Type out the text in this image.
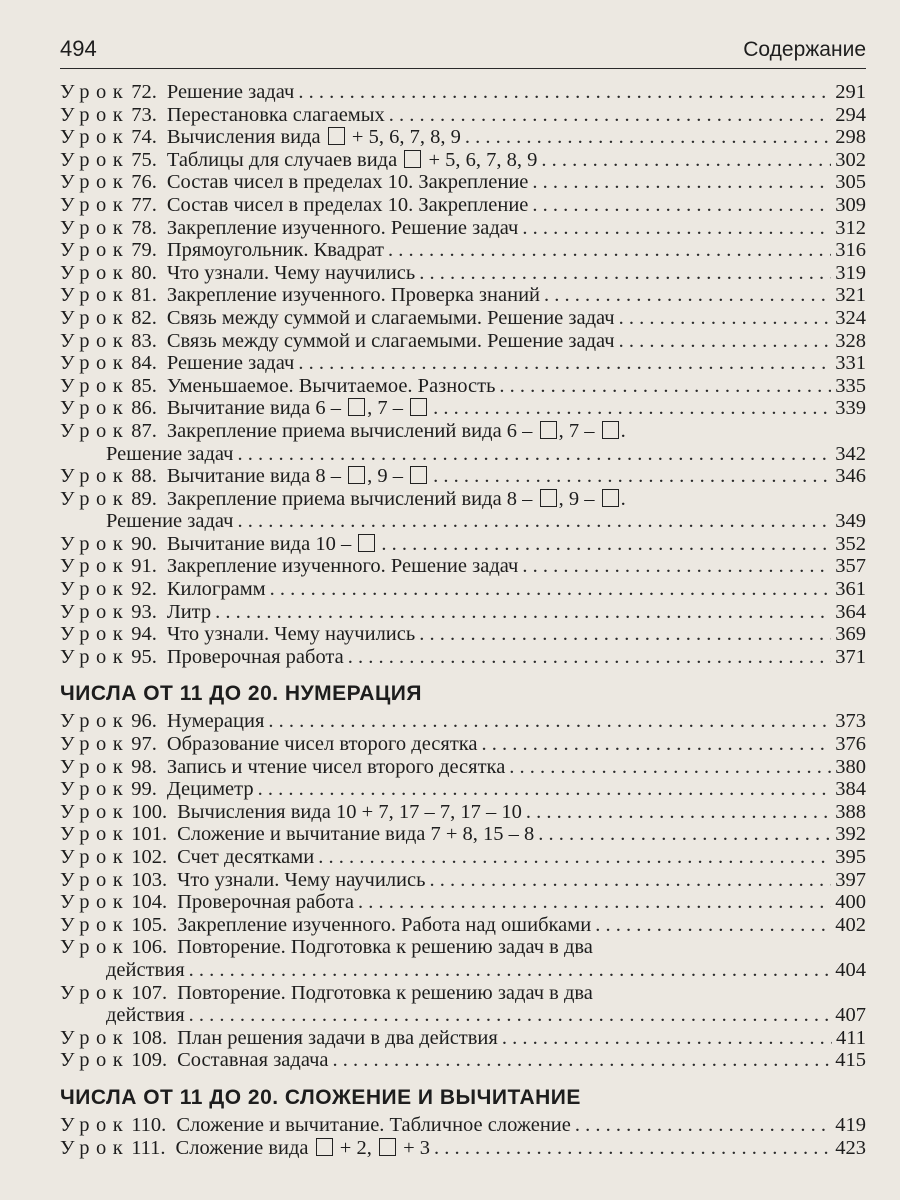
494	Содержание
Урок 72. Решение задач . . .	291
Урок 73. Перестановка слагаемых . . .	294
Урок 74. Вычисления вида  + 5, 6, 7, 8, 9 . . .	298
Урок 75. Таблицы для случаев вида  + 5, 6, 7, 8, 9 . . .	302
Урок 76. Состав чисел в пределах 10. Закрепление . . .	305
Урок 77. Состав чисел в пределах 10. Закрепление . . .	309
Урок 78. Закрепление изученного. Решение задач . . .	312
Урок 79. Прямоугольник. Квадрат . . .	316
Урок 80. Что узнали. Чему научились . . .	319
Урок 81. Закрепление изученного. Проверка знаний . . .	321
Урок 82. Связь между суммой и слагаемыми. Решение задач . . .	324
Урок 83. Связь между суммой и слагаемыми. Решение задач . . .	328
Урок 84. Решение задач . . .	331
Урок 85. Уменьшаемое. Вычитаемое. Разность . . .	335
Урок 86. Вычитание вида 6 – , 7 – . . .	339
Урок 87. Закрепление приема вычислений вида 6 – , 7 – .
Решение задач . . .	342
Урок 88. Вычитание вида 8 – , 9 – . . .	346
Урок 89. Закрепление приема вычислений вида 8 – , 9 – .
Решение задач . . .	349
Урок 90. Вычитание вида 10 – . . .	352
Урок 91. Закрепление изученного. Решение задач . . .	357
Урок 92. Килограмм . . .	361
Урок 93. Литр . . .	364
Урок 94. Что узнали. Чему научились . . .	369
Урок 95. Проверочная работа . . .	371
ЧИСЛА ОТ 11 ДО 20. НУМЕРАЦИЯ
Урок 96. Нумерация . . .	373
Урок 97. Образование чисел второго десятка . . .	376
Урок 98. Запись и чтение чисел второго десятка . . .	380
Урок 99. Дециметр . . .	384
Урок 100. Вычисления вида 10 + 7, 17 – 7, 17 – 10 . . .	388
Урок 101. Сложение и вычитание вида 7 + 8, 15 – 8 . . .	392
Урок 102. Счет десятками . . .	395
Урок 103. Что узнали. Чему научились . . .	397
Урок 104. Проверочная работа . . .	400
Урок 105. Закрепление изученного. Работа над ошибками . . .	402
Урок 106. Повторение. Подготовка к решению задач в два
действия . . .	404
Урок 107. Повторение. Подготовка к решению задач в два
действия . . .	407
Урок 108. План решения задачи в два действия . . .	411
Урок 109. Составная задача . . .	415
ЧИСЛА ОТ 11 ДО 20. СЛОЖЕНИЕ И ВЫЧИТАНИЕ
Урок 110. Сложение и вычитание. Табличное сложение . . .	419
Урок 111. Сложение вида  + 2,  + 3 . . .	423
